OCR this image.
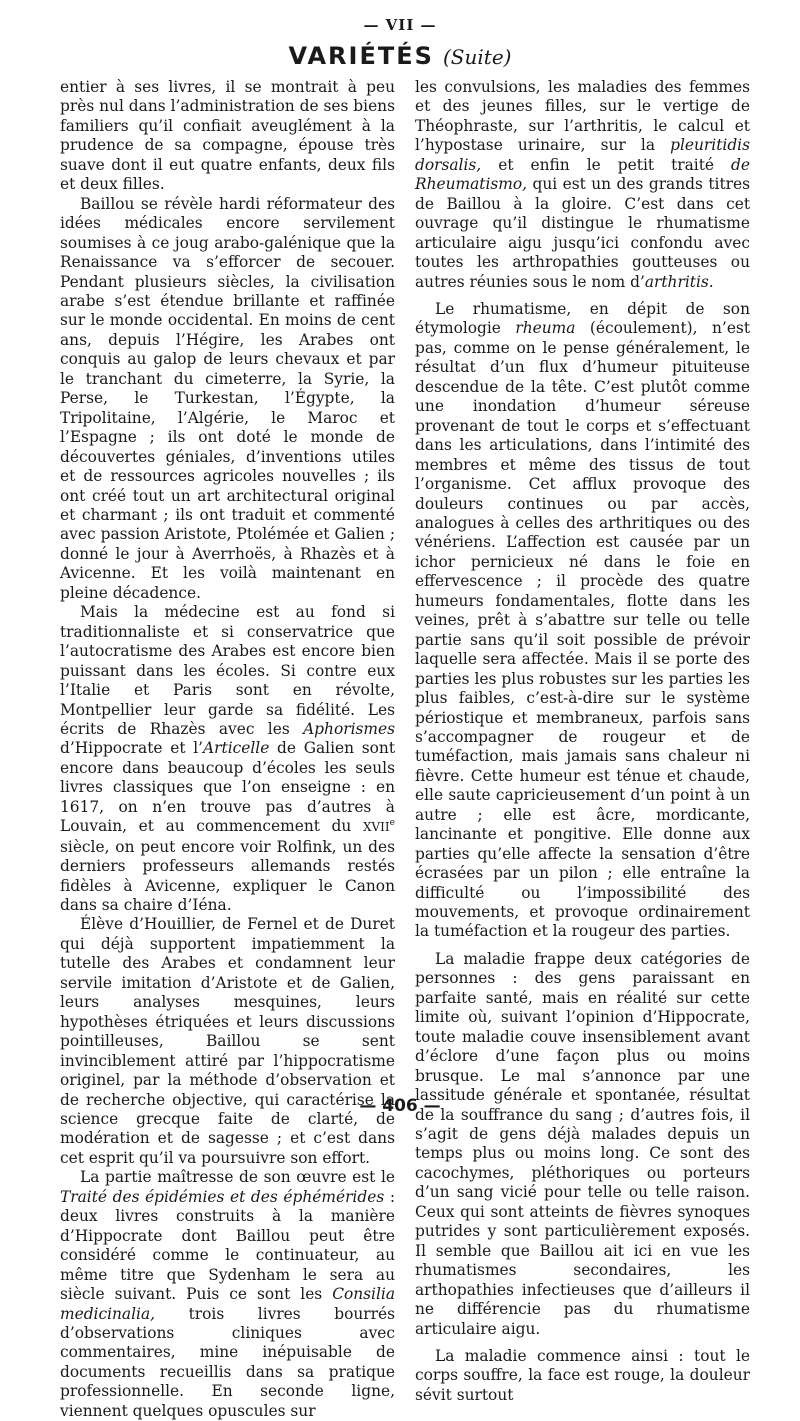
— VII —
VARIÉTÉS (Suite)

entier à ses livres, il se montrait à peu près nul dans l’administration de ses biens familiers qu’il confiait aveuglément à la prudence de sa compagne, épouse très suave dont il eut quatre enfants, deux fils et deux filles.

Baillou se révèle hardi réformateur des idées médicales encore servilement soumises à ce joug arabo-galénique que la Renaissance va s’efforcer de secouer. Pendant plusieurs siècles, la civilisation arabe s’est étendue brillante et raffinée sur le monde occidental. En moins de cent ans, depuis l’Hégire, les Arabes ont conquis au galop de leurs chevaux et par le tranchant du cimeterre, la Syrie, la Perse, le Turkestan, l’Égypte, la Tripolitaine, l’Algérie, le Maroc et l’Espagne ; ils ont doté le monde de découvertes géniales, d’inventions utiles et de ressources agricoles nouvelles ; ils ont créé tout un art architectural original et charmant ; ils ont traduit et commenté avec passion Aristote, Ptolémée et Galien ; donné le jour à Averrhoës, à Rhazès et à Avicenne. Et les voilà maintenant en pleine décadence.

Mais la médecine est au fond si traditionnaliste et si conservatrice que l’autocratisme des Arabes est encore bien puissant dans les écoles. Si contre eux l’Italie et Paris sont en révolte, Montpellier leur garde sa fidélité. Les écrits de Rhazès avec les Aphorismes d’Hippocrate et l’Articelle de Galien sont encore dans beaucoup d’écoles les seuls livres classiques que l’on enseigne : en 1617, on n’en trouve pas d’autres à Louvain, et au commencement du XVIIe siècle, on peut encore voir Rolfink, un des derniers professeurs allemands restés fidèles à Avicenne, expliquer le Canon dans sa chaire d’Iéna.

Élève d’Houillier, de Fernel et de Duret qui déjà supportent impatiemment la tutelle des Arabes et condamnent leur servile imitation d’Aristote et de Galien, leurs analyses mesquines, leurs hypothèses étriquées et leurs discussions pointilleuses, Baillou se sent invinciblement attiré par l’hippocratisme originel, par la méthode d’observation et de recherche objective, qui caractérise la science grecque faite de clarté, de modération et de sagesse ; et c’est dans cet esprit qu’il va poursuivre son effort.

La partie maîtresse de son œuvre est le Traité des épidémies et des éphémérides : deux livres construits à la manière d’Hippocrate dont Baillou peut être considéré comme le continuateur, au même titre que Sydenham le sera au siècle suivant. Puis ce sont les Consilia medicinalia, trois livres bourrés d’observations cliniques avec commentaires, mine inépuisable de documents recueillis dans sa pratique professionnelle. En seconde ligne, viennent quelques opuscules sur

les convulsions, les maladies des femmes et des jeunes filles, sur le vertige de Théophraste, sur l’arthritis, le calcul et l’hypostase urinaire, sur la pleuritidis dorsalis, et enfin le petit traité de Rheumatismo, qui est un des grands titres de Baillou à la gloire. C’est dans cet ouvrage qu’il distingue le rhumatisme articulaire aigu jusqu’ici confondu avec toutes les arthropathies goutteuses ou autres réunies sous le nom d’arthritis.

Le rhumatisme, en dépit de son étymologie rheuma (écoulement), n’est pas, comme on le pense généralement, le résultat d’un flux d’humeur pituiteuse descendue de la tête. C’est plutôt comme une inondation d’humeur séreuse provenant de tout le corps et s’effectuant dans les articulations, dans l’intimité des membres et même des tissus de tout l’organisme. Cet afflux provoque des douleurs continues ou par accès, analogues à celles des arthritiques ou des vénériens. L’affection est causée par un ichor pernicieux né dans le foie en effervescence ; il procède des quatre humeurs fondamentales, flotte dans les veines, prêt à s’abattre sur telle ou telle partie sans qu’il soit possible de prévoir laquelle sera affectée. Mais il se porte des parties les plus robustes sur les parties les plus faibles, c’est-à-dire sur le système périostique et membraneux, parfois sans s’accompagner de rougeur et de tuméfaction, mais jamais sans chaleur ni fièvre. Cette humeur est ténue et chaude, elle saute capricieusement d’un point à un autre ; elle est âcre, mordicante, lancinante et pongitive. Elle donne aux parties qu’elle affecte la sensation d’être écrasées par un pilon ; elle entraîne la difficulté ou l’impossibilité des mouvements, et provoque ordinairement la tuméfaction et la rougeur des parties.

La maladie frappe deux catégories de personnes : des gens paraissant en parfaite santé, mais en réalité sur cette limite où, suivant l’opinion d’Hippocrate, toute maladie couve insensiblement avant d’éclore d’une façon plus ou moins brusque. Le mal s’annonce par une lassitude générale et spontanée, résultat de la souffrance du sang ; d’autres fois, il s’agit de gens déjà malades depuis un temps plus ou moins long. Ce sont des cacochymes, pléthoriques ou porteurs d’un sang vicié pour telle ou telle raison. Ceux qui sont atteints de fièvres synoques putrides y sont particulièrement exposés. Il semble que Baillou ait ici en vue les rhumatismes secondaires, les arthopathies infectieuses que d’ailleurs il ne différencie pas du rhumatisme articulaire aigu.

La maladie commence ainsi : tout le corps souffre, la face est rouge, la douleur sévit surtout

— 406 —
